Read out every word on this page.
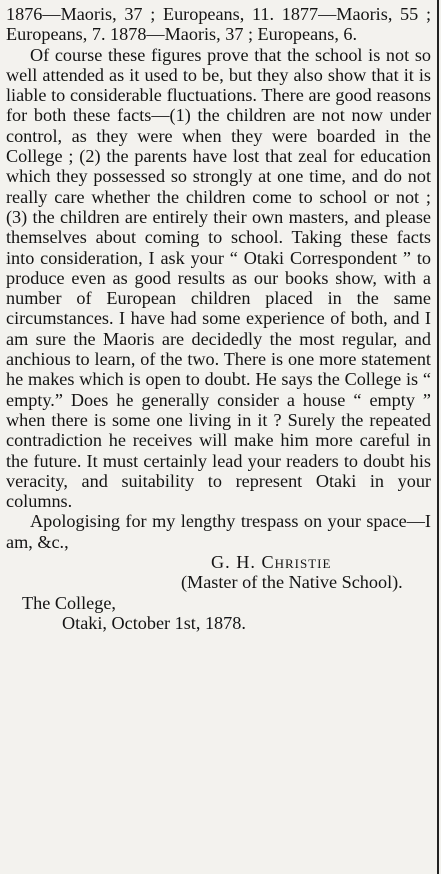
1876—Maoris, 37 ; Europeans, 11. 1877—Maoris, 55 ; Europeans, 7. 1878—Maoris, 37 ; Europeans, 6.

Of course these figures prove that the school is not so well attended as it used to be, but they also show that it is liable to considerable fluctuations. There are good reasons for both these facts—(1) the children are not now under control, as they were when they were boarded in the College ; (2) the parents have lost that zeal for education which they possessed so strongly at one time, and do not really care whether the children come to school or not ; (3) the children are entirely their own masters, and please themselves about coming to school. Taking these facts into consideration, I ask your “ Otaki Correspondent ” to produce even as good results as our books show, with a number of European children placed in the same circumstances. I have had some experience of both, and I am sure the Maoris are decidedly the most regular, and anchious to learn, of the two. There is one more statement he makes which is open to doubt. He says the College is “ empty.” Does he generally consider a house “ empty ” when there is some one living in it ? Surely the repeated contradiction he receives will make him more careful in the future. It must certainly lead your readers to doubt his veracity, and suitability to represent Otaki in your columns.

Apologising for my lengthy trespass on your space—I am, &c.,

G. H. Christie

(Master of the Native School).

The College,

Otaki, October 1st, 1878.
